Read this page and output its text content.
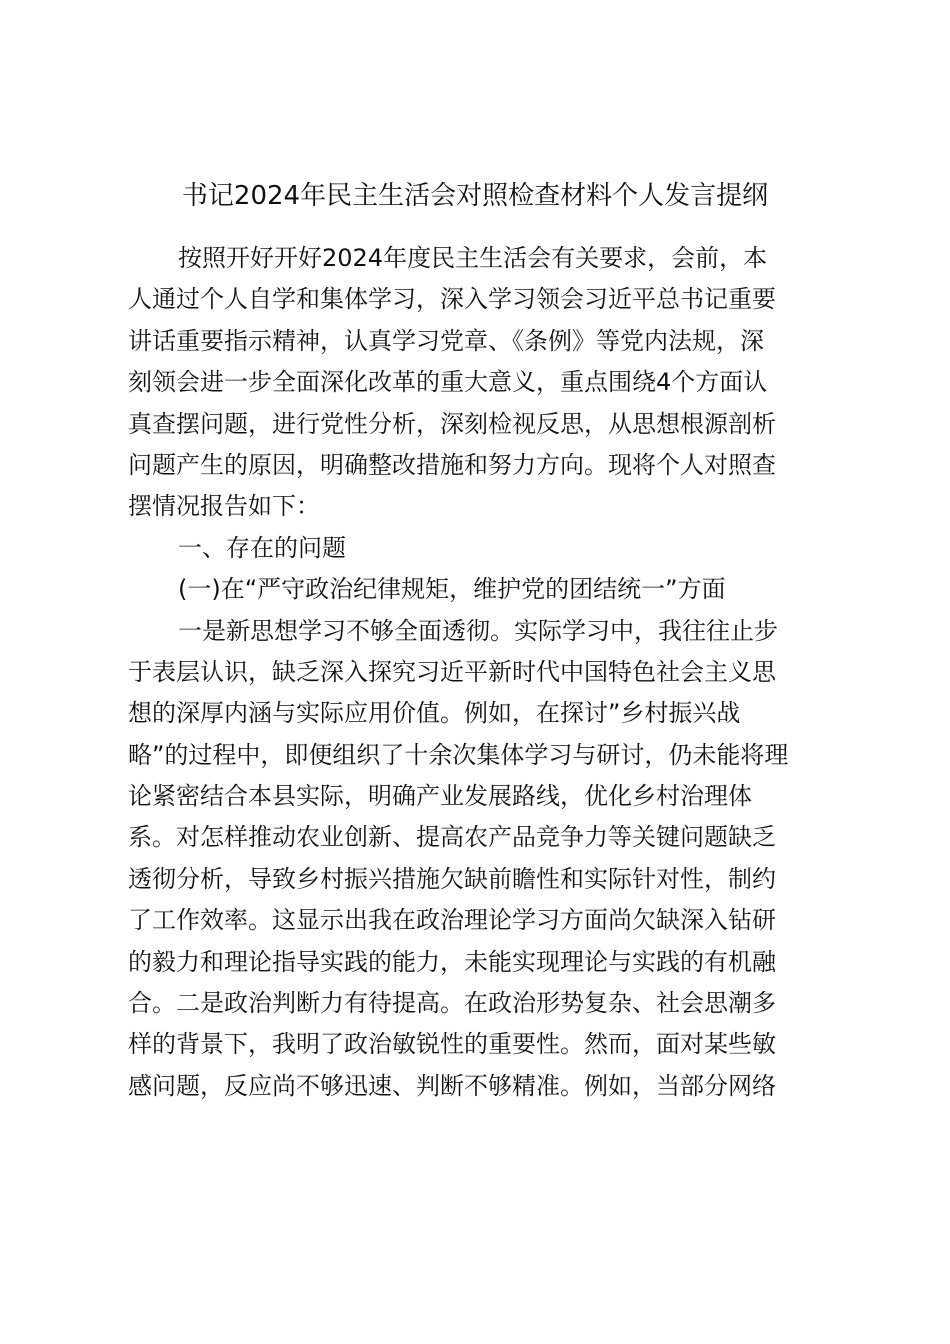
书记2024年民主生活会对照检查材料个人发言提纲
按照开好开好2024年度民主生活会有关要求，会前，本
人通过个人自学和集体学习，深入学习领会习近平总书记重要
讲话重要指示精神，认真学习党章、《条例》等党内法规，深
刻领会进一步全面深化改革的重大意义，重点围绕4个方面认
真查摆问题，进行党性分析，深刻检视反思，从思想根源剖析
问题产生的原因，明确整改措施和努力方向。现将个人对照查
摆情况报告如下：
一、存在的问题
(一)在“严守政治纪律规矩，维护党的团结统一”方面
一是新思想学习不够全面透彻。实际学习中，我往往止步
于表层认识，缺乏深入探究习近平新时代中国特色社会主义思
想的深厚内涵与实际应用价值。例如，在探讨”乡村振兴战
略”的过程中，即便组织了十余次集体学习与研讨，仍未能将理
论紧密结合本县实际，明确产业发展路线，优化乡村治理体
系。对怎样推动农业创新、提高农产品竞争力等关键问题缺乏
透彻分析，导致乡村振兴措施欠缺前瞻性和实际针对性，制约
了工作效率。这显示出我在政治理论学习方面尚欠缺深入钻研
的毅力和理论指导实践的能力，未能实现理论与实践的有机融
合。二是政治判断力有待提高。在政治形势复杂、社会思潮多
样的背景下，我明了政治敏锐性的重要性。然而，面对某些敏
感问题，反应尚不够迅速、判断不够精准。例如，当部分网络
